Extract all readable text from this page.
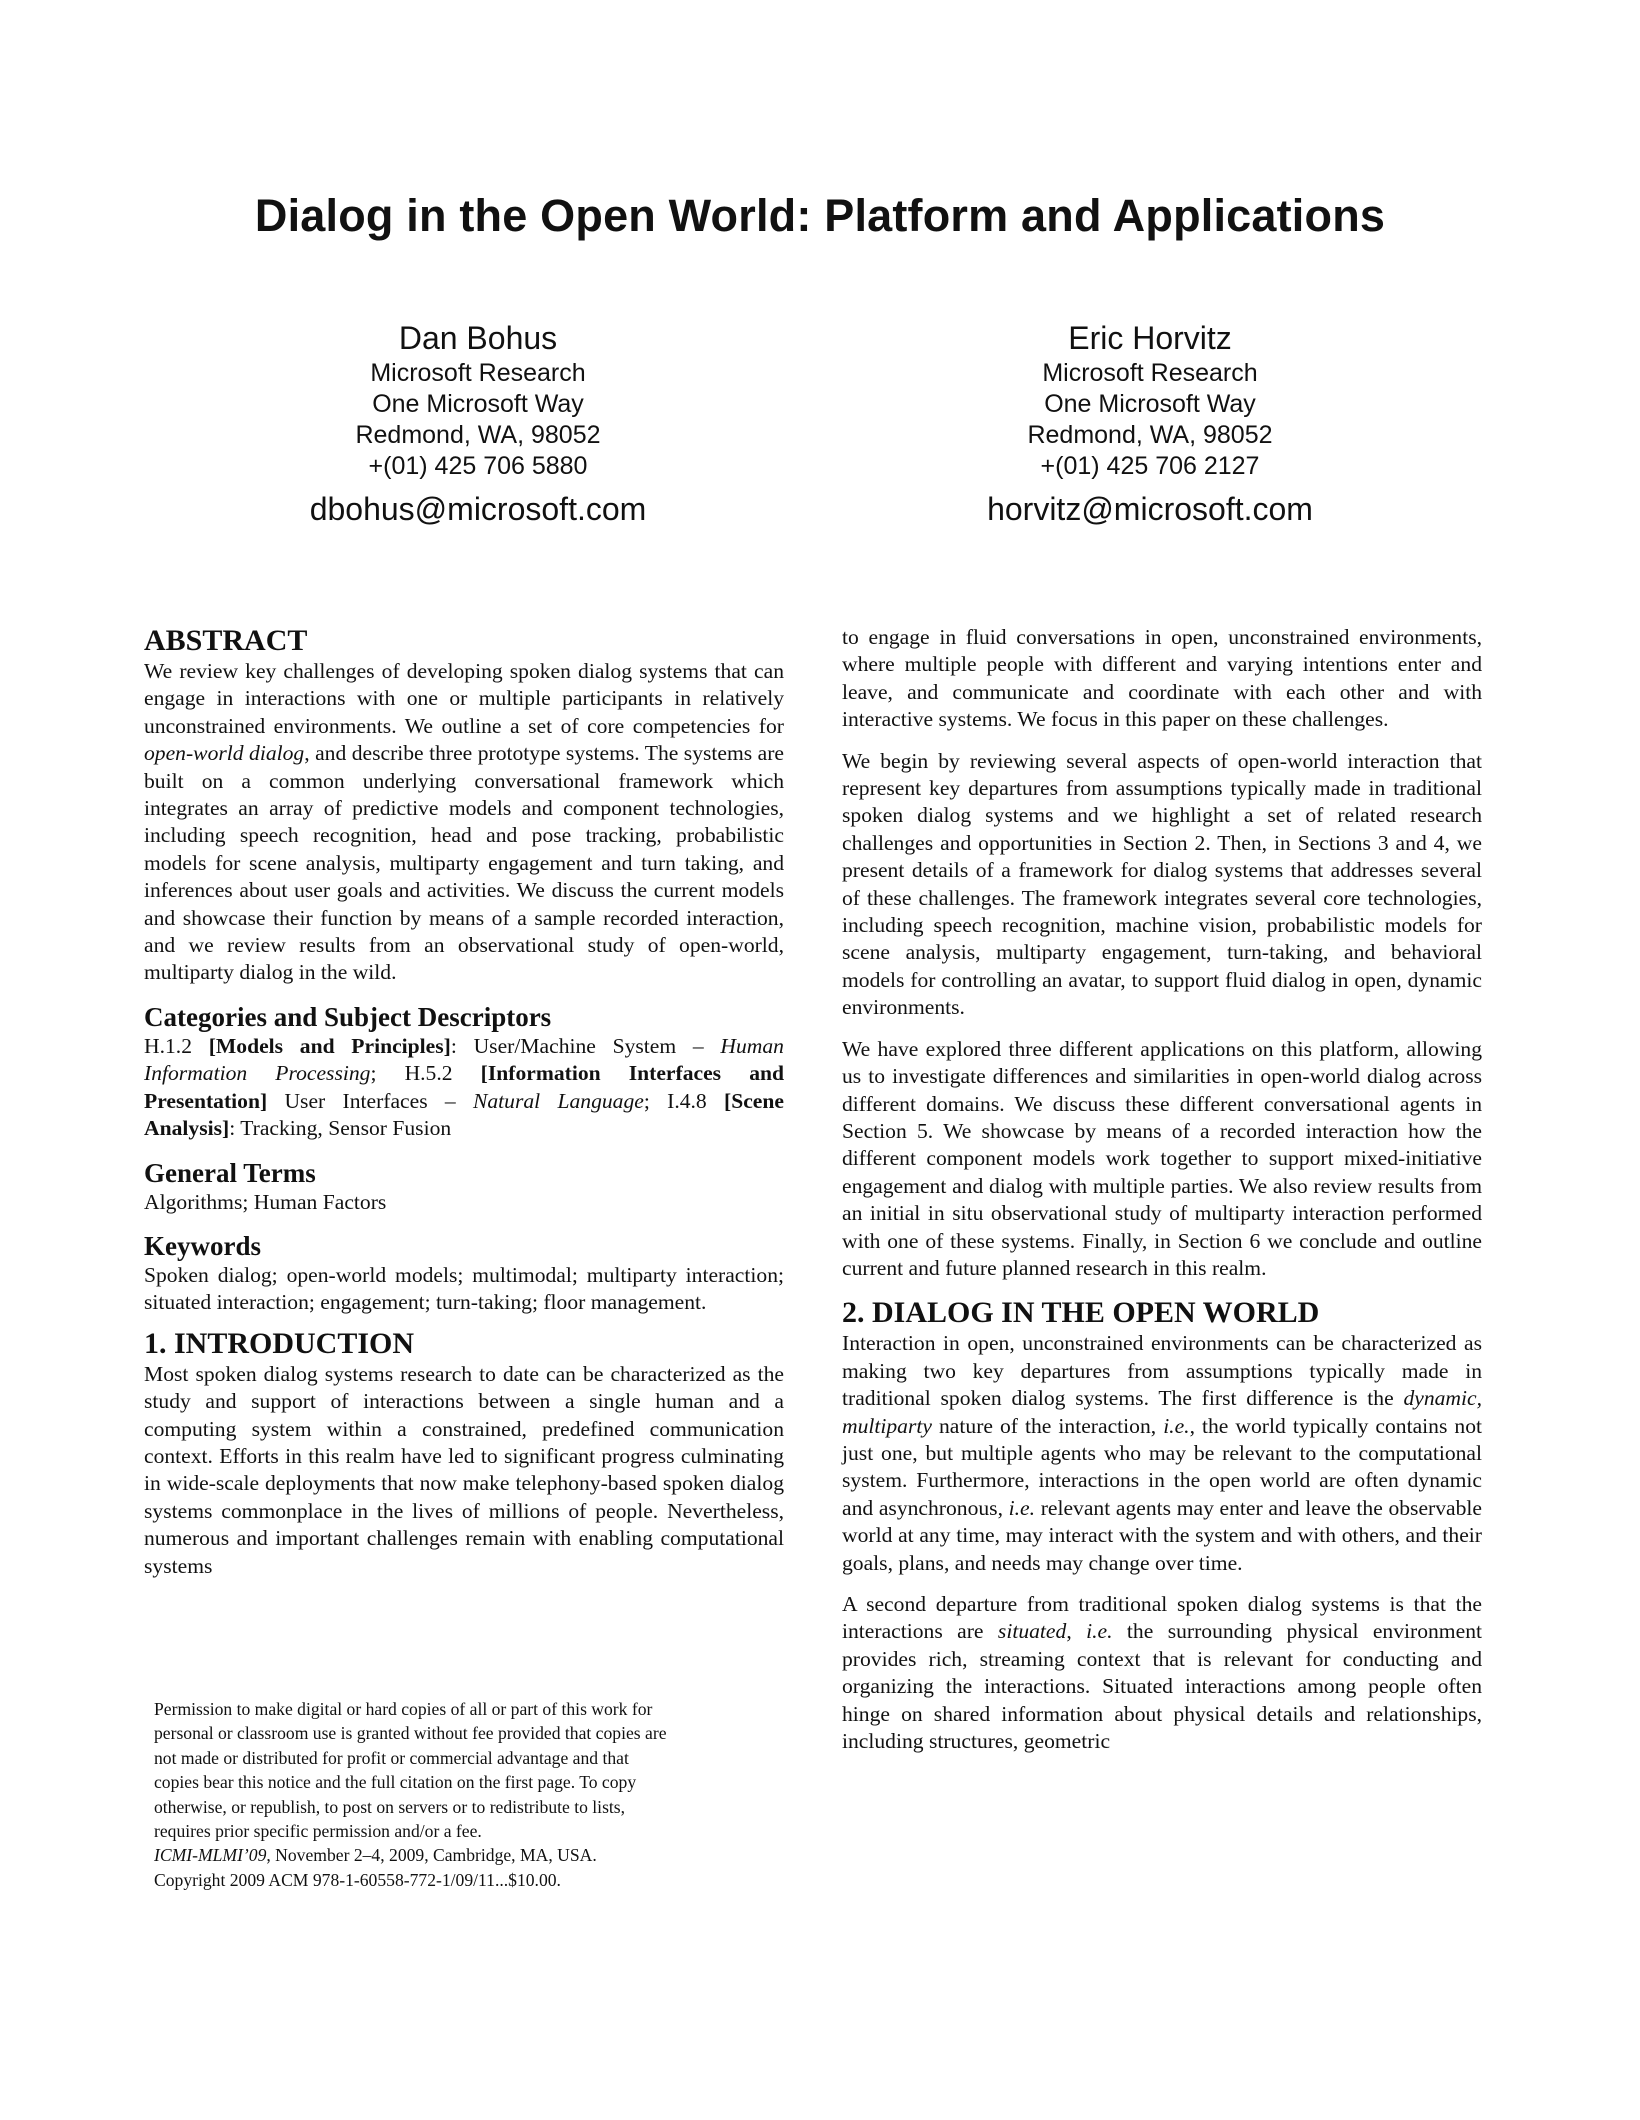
Dialog in the Open World: Platform and Applications
Dan Bohus
Microsoft Research
One Microsoft Way
Redmond, WA, 98052
+(01) 425 706 5880
dbohus@microsoft.com
Eric Horvitz
Microsoft Research
One Microsoft Way
Redmond, WA, 98052
+(01) 425 706 2127
horvitz@microsoft.com
ABSTRACT

We review key challenges of developing spoken dialog systems that can engage in interactions with one or multiple participants in relatively unconstrained environments. We outline a set of core competencies for open-world dialog, and describe three prototype systems. The systems are built on a common underlying conversational framework which integrates an array of predictive models and component technologies, including speech recognition, head and pose tracking, probabilistic models for scene analysis, multiparty engagement and turn taking, and inferences about user goals and activities. We discuss the current models and showcase their function by means of a sample recorded interaction, and we review results from an observational study of open-world, multiparty dialog in the wild.

Categories and Subject Descriptors

H.1.2 [Models and Principles]: User/Machine System – Human Information Processing; H.5.2 [Information Interfaces and Presentation] User Interfaces – Natural Language; I.4.8 [Scene Analysis]: Tracking, Sensor Fusion

General Terms

Algorithms; Human Factors

Keywords

Spoken dialog; open-world models; multimodal; multiparty interaction; situated interaction; engagement; turn-taking; floor management.

1. INTRODUCTION

Most spoken dialog systems research to date can be characterized as the study and support of interactions between a single human and a computing system within a constrained, predefined communication context. Efforts in this realm have led to significant progress culminating in wide-scale deployments that now make telephony-based spoken dialog systems commonplace in the lives of millions of people. Nevertheless, numerous and important challenges remain with enabling computational systems

Permission to make digital or hard copies of all or part of this work for
personal or classroom use is granted without fee provided that copies are
not made or distributed for profit or commercial advantage and that
copies bear this notice and the full citation on the first page. To copy
otherwise, or republish, to post on servers or to redistribute to lists,
requires prior specific permission and/or a fee.
ICMI-MLMI’09, November 2–4, 2009, Cambridge, MA, USA.
Copyright 2009 ACM 978-1-60558-772-1/09/11...$10.00.

to engage in fluid conversations in open, unconstrained environments, where multiple people with different and varying intentions enter and leave, and communicate and coordinate with each other and with interactive systems. We focus in this paper on these challenges.

We begin by reviewing several aspects of open-world interaction that represent key departures from assumptions typically made in traditional spoken dialog systems and we highlight a set of related research challenges and opportunities in Section 2. Then, in Sections 3 and 4, we present details of a framework for dialog systems that addresses several of these challenges. The framework integrates several core technologies, including speech recognition, machine vision, probabilistic models for scene analysis, multiparty engagement, turn-taking, and behavioral models for controlling an avatar, to support fluid dialog in open, dynamic environments.

We have explored three different applications on this platform, allowing us to investigate differences and similarities in open-world dialog across different domains. We discuss these different conversational agents in Section 5. We showcase by means of a recorded interaction how the different component models work together to support mixed-initiative engagement and dialog with multiple parties. We also review results from an initial in situ observational study of multiparty interaction performed with one of these systems. Finally, in Section 6 we conclude and outline current and future planned research in this realm.

2. DIALOG IN THE OPEN WORLD

Interaction in open, unconstrained environments can be characterized as making two key departures from assumptions typically made in traditional spoken dialog systems. The first difference is the dynamic, multiparty nature of the interaction, i.e., the world typically contains not just one, but multiple agents who may be relevant to the computational system. Furthermore, interactions in the open world are often dynamic and asynchronous, i.e. relevant agents may enter and leave the observable world at any time, may interact with the system and with others, and their goals, plans, and needs may change over time.

A second departure from traditional spoken dialog systems is that the interactions are situated, i.e. the surrounding physical environment provides rich, streaming context that is relevant for conducting and organizing the interactions. Situated interactions among people often hinge on shared information about physical details and relationships, including structures, geometric
